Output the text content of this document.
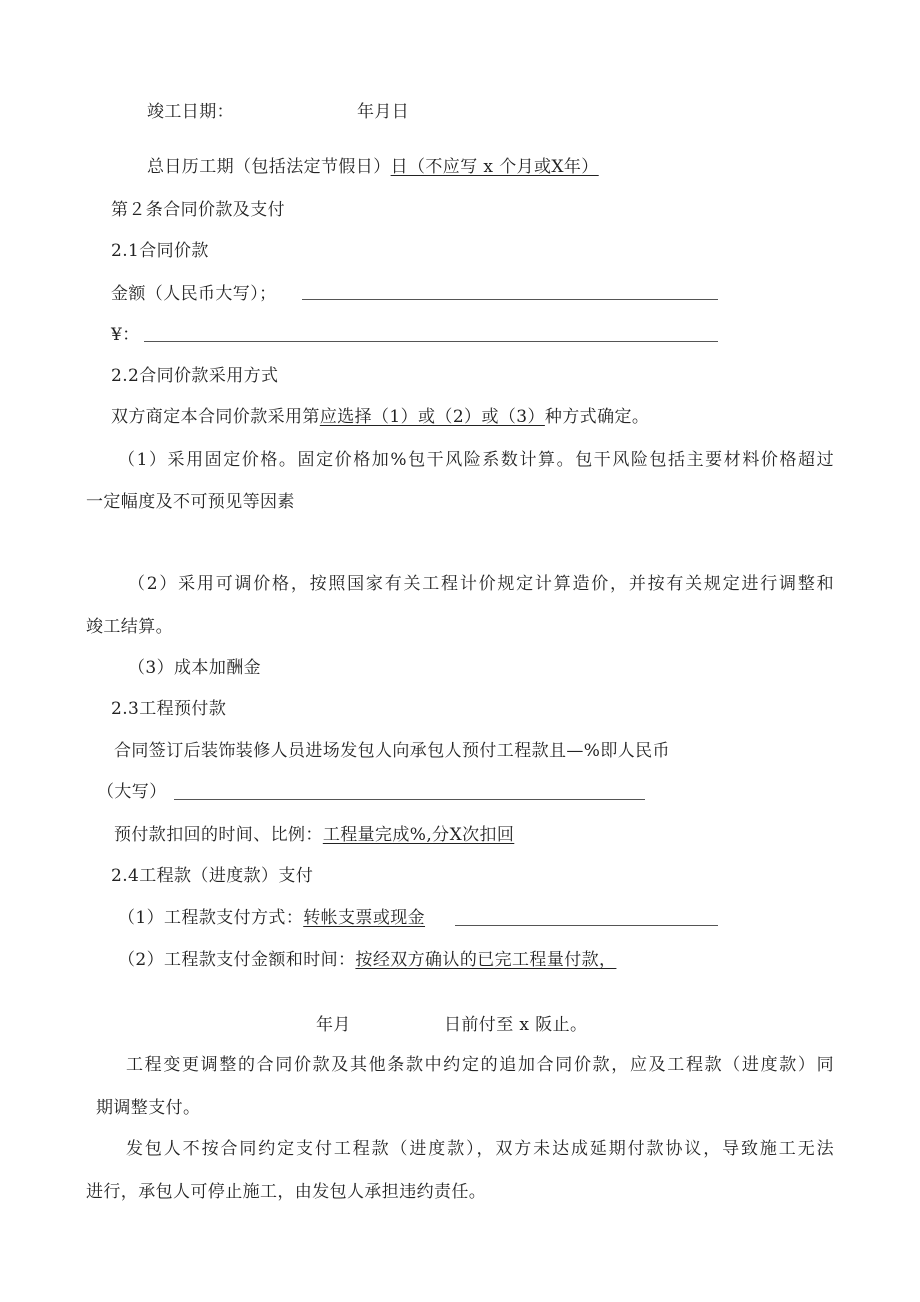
竣工日期：	年月日
总日历工期（包括法定节假日）日（不应写 x 个月或Ⅹ年）
第２条合同价款及支付
2.1合同价款
金额（人民币大写）；
¥：
2.2合同价款采用方式
双方商定本合同价款采用第应选择（1）或（2）或（3）种方式确定。
（1）采用固定价格。固定价格加%包干风险系数计算。包干风险包括主要材料价格超过
一定幅度及不可预见等因素
（2）采用可调价格，按照国家有关工程计价规定计算造价，并按有关规定进行调整和
竣工结算。
（3）成本加酬金
2.3工程预付款
合同签订后装饰装修人员进场发包人向承包人预付工程款且—%即人民币
（大写）
预付款扣回的时间、比例：工程量完成%,分Ⅹ次扣回
2.4工程款（进度款）支付
（1）工程款支付方式：转帐支票或现金
（2）工程款支付金额和时间：按经双方确认的已完工程量付款，
年月	日前付至 x 阪止。
工程变更调整的合同价款及其他条款中约定的追加合同价款，应及工程款（进度款）同
期调整支付。
发包人不按合同约定支付工程款（进度款），双方未达成延期付款协议，导致施工无法
进行，承包人可停止施工，由发包人承担违约责任。
